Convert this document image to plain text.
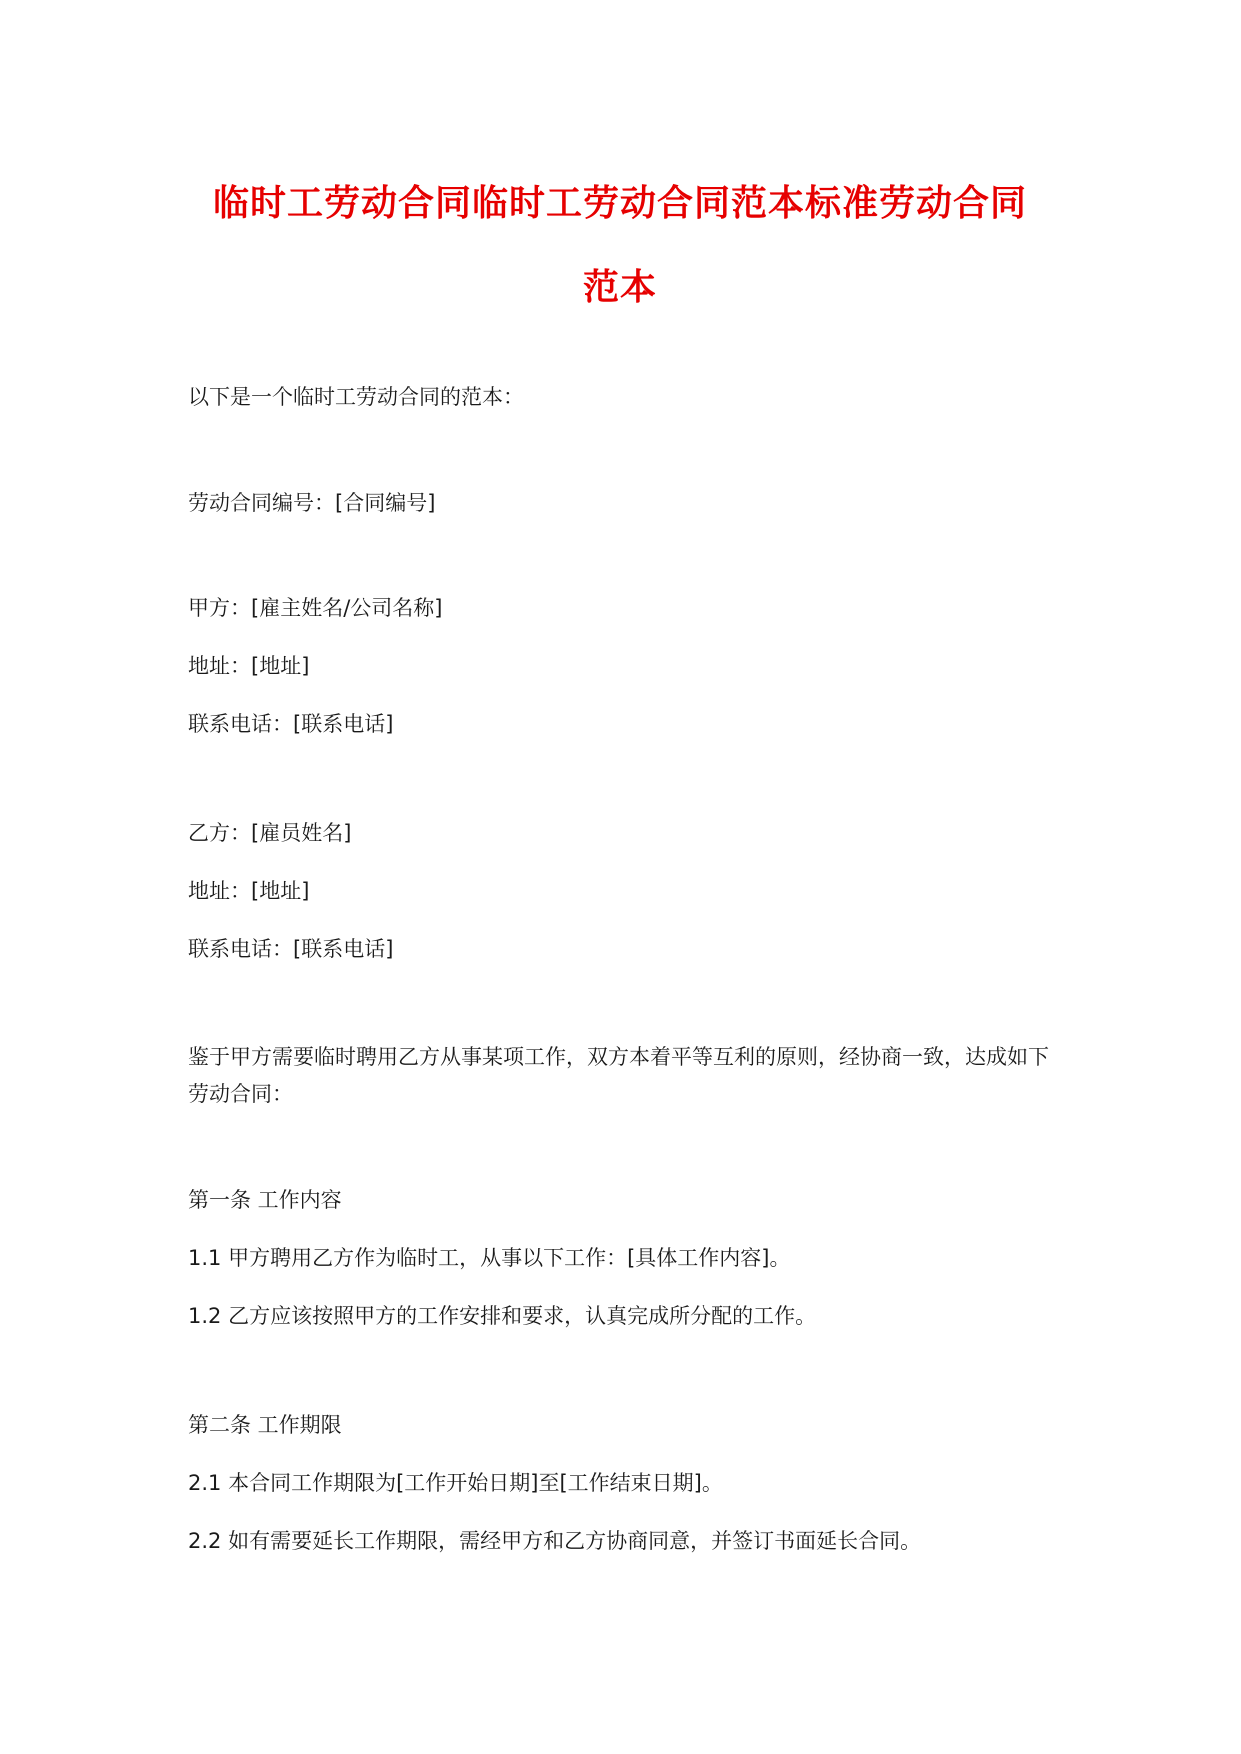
临时工劳动合同临时工劳动合同范本标准劳动合同
范本

以下是一个临时工劳动合同的范本：

劳动合同编号：[合同编号]

甲方：[雇主姓名/公司名称]

地址：[地址]

联系电话：[联系电话]

乙方：[雇员姓名]

地址：[地址]

联系电话：[联系电话]

鉴于甲方需要临时聘用乙方从事某项工作，双方本着平等互利的原则，经协商一致，达成如下劳动合同：

第一条 工作内容

1.1 甲方聘用乙方作为临时工，从事以下工作：[具体工作内容]。

1.2 乙方应该按照甲方的工作安排和要求，认真完成所分配的工作。

第二条 工作期限

2.1 本合同工作期限为[工作开始日期]至[工作结束日期]。

2.2 如有需要延长工作期限，需经甲方和乙方协商同意，并签订书面延长合同。
